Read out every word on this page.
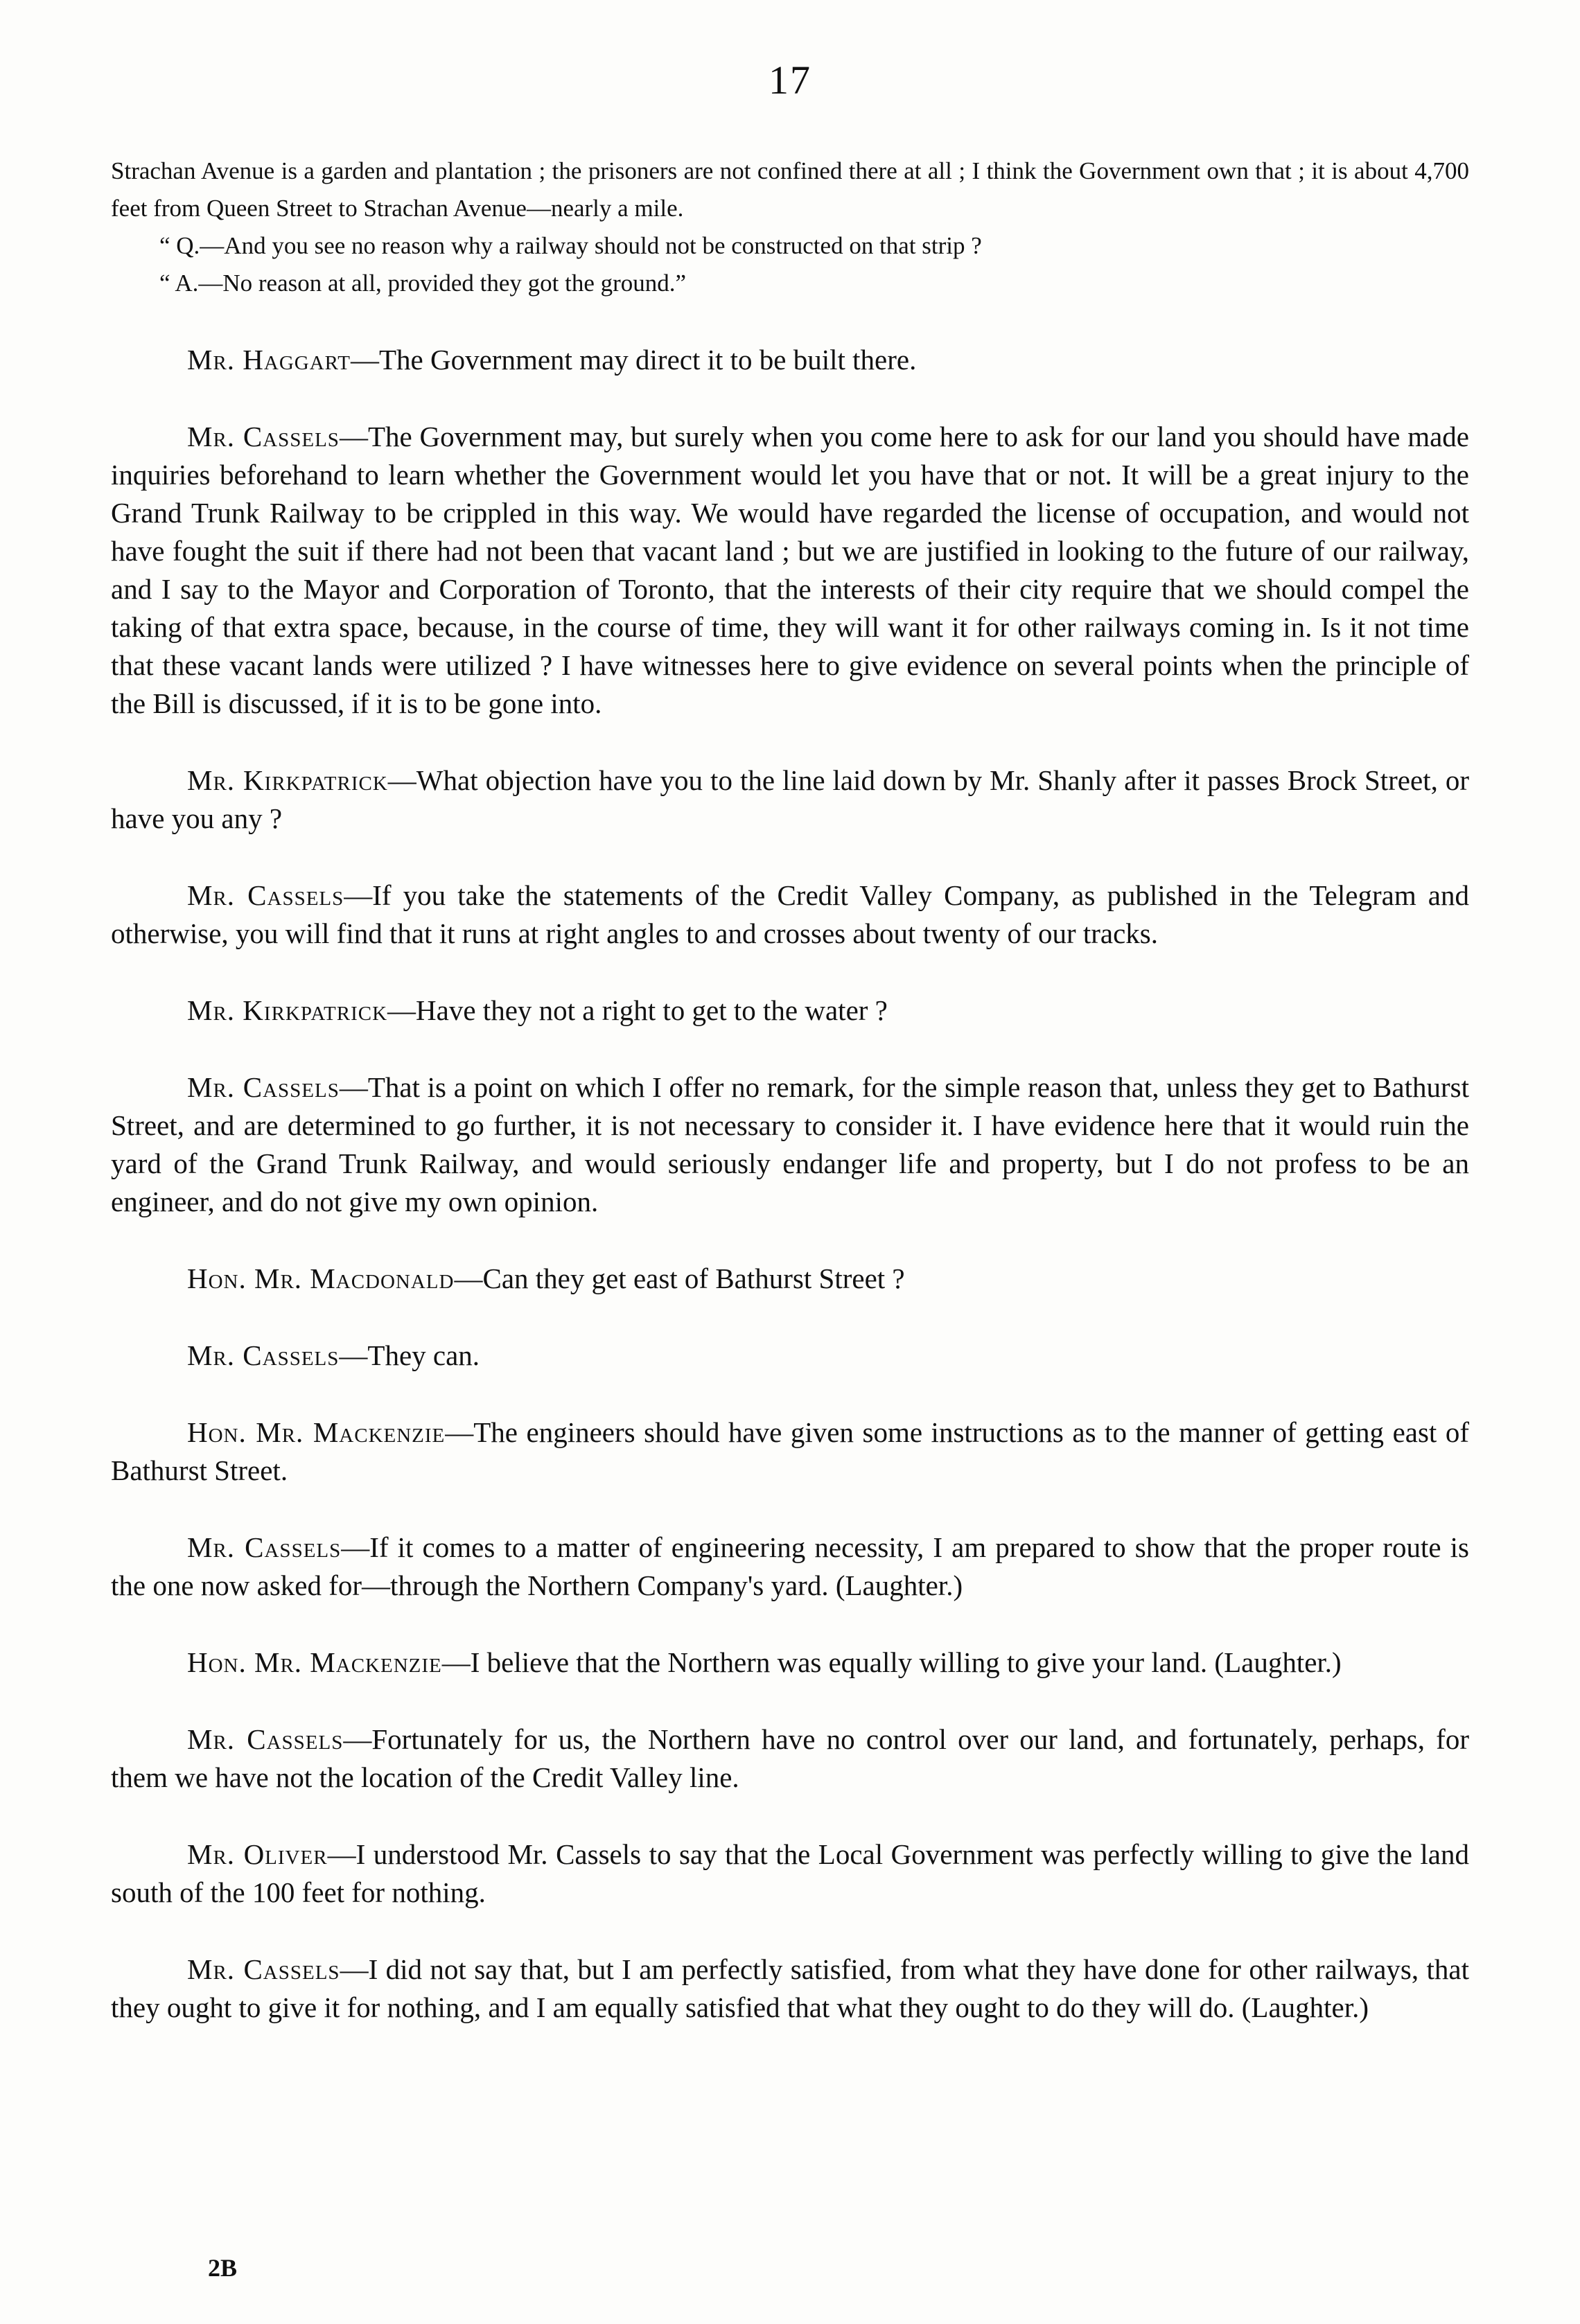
17

Strachan Avenue is a garden and plantation ; the prisoners are not confined there at all ; I think the Government own that ; it is about 4,700 feet from Queen Street to Strachan Avenue—nearly a mile.

“ Q.—And you see no reason why a railway should not be constructed on that strip ?

“ A.—No reason at all, provided they got the ground.”

Mr. Haggart—The Government may direct it to be built there.

Mr. Cassels—The Government may, but surely when you come here to ask for our land you should have made inquiries beforehand to learn whether the Government would let you have that or not. It will be a great injury to the Grand Trunk Railway to be crippled in this way. We would have regarded the license of occupation, and would not have fought the suit if there had not been that vacant land ; but we are justified in looking to the future of our railway, and I say to the Mayor and Corporation of Toronto, that the interests of their city require that we should compel the taking of that extra space, because, in the course of time, they will want it for other railways coming in. Is it not time that these vacant lands were utilized ? I have witnesses here to give evidence on several points when the principle of the Bill is discussed, if it is to be gone into.

Mr. Kirkpatrick—What objection have you to the line laid down by Mr. Shanly after it passes Brock Street, or have you any ?

Mr. Cassels—If you take the statements of the Credit Valley Company, as published in the Telegram and otherwise, you will find that it runs at right angles to and crosses about twenty of our tracks.

Mr. Kirkpatrick—Have they not a right to get to the water ?

Mr. Cassels—That is a point on which I offer no remark, for the simple reason that, unless they get to Bathurst Street, and are determined to go further, it is not necessary to consider it. I have evidence here that it would ruin the yard of the Grand Trunk Railway, and would seriously endanger life and property, but I do not profess to be an engineer, and do not give my own opinion.

Hon. Mr. Macdonald—Can they get east of Bathurst Street ?

Mr. Cassels—They can.

Hon. Mr. Mackenzie—The engineers should have given some instructions as to the manner of getting east of Bathurst Street.

Mr. Cassels—If it comes to a matter of engineering necessity, I am prepared to show that the proper route is the one now asked for—through the Northern Company's yard. (Laughter.)

Hon. Mr. Mackenzie—I believe that the Northern was equally willing to give your land. (Laughter.)

Mr. Cassels—Fortunately for us, the Northern have no control over our land, and fortunately, perhaps, for them we have not the location of the Credit Valley line.

Mr. Oliver—I understood Mr. Cassels to say that the Local Government was perfectly willing to give the land south of the 100 feet for nothing.

Mr. Cassels—I did not say that, but I am perfectly satisfied, from what they have done for other railways, that they ought to give it for nothing, and I am equally satisfied that what they ought to do they will do. (Laughter.)

2B
